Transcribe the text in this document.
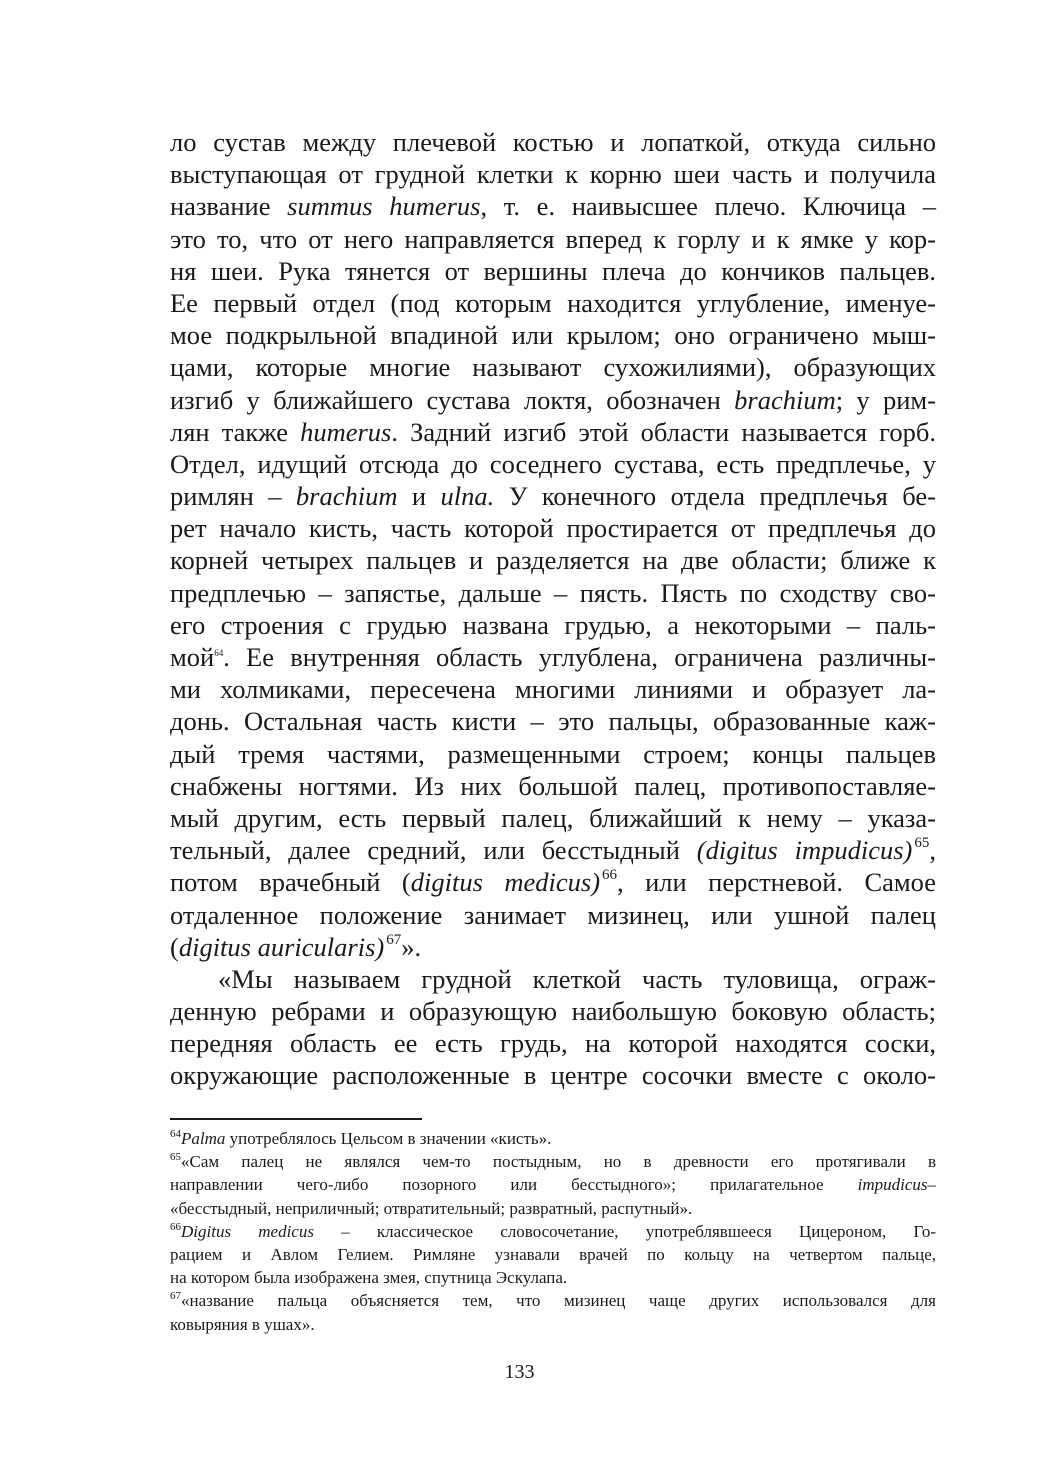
ло сустав между плечевой костью и лопаткой, откуда сильно
выступающая от грудной клетки к корню шеи часть и получила
название summus humerus, т. е. наивысшее плечо. Ключица –
это то, что от него направляется вперед к горлу и к ямке у кор-
ня шеи. Рука тянется от вершины плеча до кончиков пальцев.
Ее первый отдел (под которым находится углубление, именуе-
мое подкрыльной впадиной или крылом; оно ограничено мыш-
цами, которые многие называют сухожилиями), образующих
изгиб у ближайшего сустава локтя, обозначен brachium; у рим-
лян также humerus. Задний изгиб этой области называется горб.
Отдел, идущий отсюда до соседнего сустава, есть предплечье, у
римлян – brachium и ulna. У конечного отдела предплечья бе-
рет начало кисть, часть которой простирается от предплечья до
корней четырех пальцев и разделяется на две области; ближе к
предплечью – запястье, дальше – пясть. Пясть по сходству сво-
его строения с грудью названа грудью, а некоторыми – паль-
мой$^{64}$. Ее внутренняя область углублена, ограничена различны-
ми холмиками, пересечена многими линиями и образует ла-
донь. Остальная часть кисти – это пальцы, образованные каж-
дый тремя частями, размещенными строем; концы пальцев
снабжены ногтями. Из них большой палец, противопоставляе-
мый другим, есть первый палец, ближайший к нему – указа-
тельный, далее средний, или бесстыдный (digitus impudicus) $^{65}$,
потом врачебный (digitus medicus) $^{66}$, или перстневой. Самое
отдаленное положение занимает мизинец, или ушной палец
(digitus auricularis) $^{67}$».
«Мы называем грудной клеткой часть туловища, ограж-
денную ребрами и образующую наибольшую боковую область;
передняя область ее есть грудь, на которой находятся соски,
окружающие расположенные в центре сосочки вместе с около-
$^{64}$Palma употреблялось Цельсом в значении «кисть».
$^{65}$«Сам палец не являлся чем-то постыдным, но в древности его протягивали в
направлении чего-либо позорного или бесстыдного»; прилагательное impudicus–
«бесстыдный, неприличный; отвратительный; развратный, распутный».
$^{66}$Digitus medicus – классическое словосочетание, употреблявшееся Цицероном, Го-
рацием и Авлом Гелием. Римляне узнавали врачей по кольцу на четвертом пальце,
на котором была изображена змея, спутница Эскулапа.
$^{67}$«название пальца объясняется тем, что мизинец чаще других использовался для
ковыряния в ушах».
133
